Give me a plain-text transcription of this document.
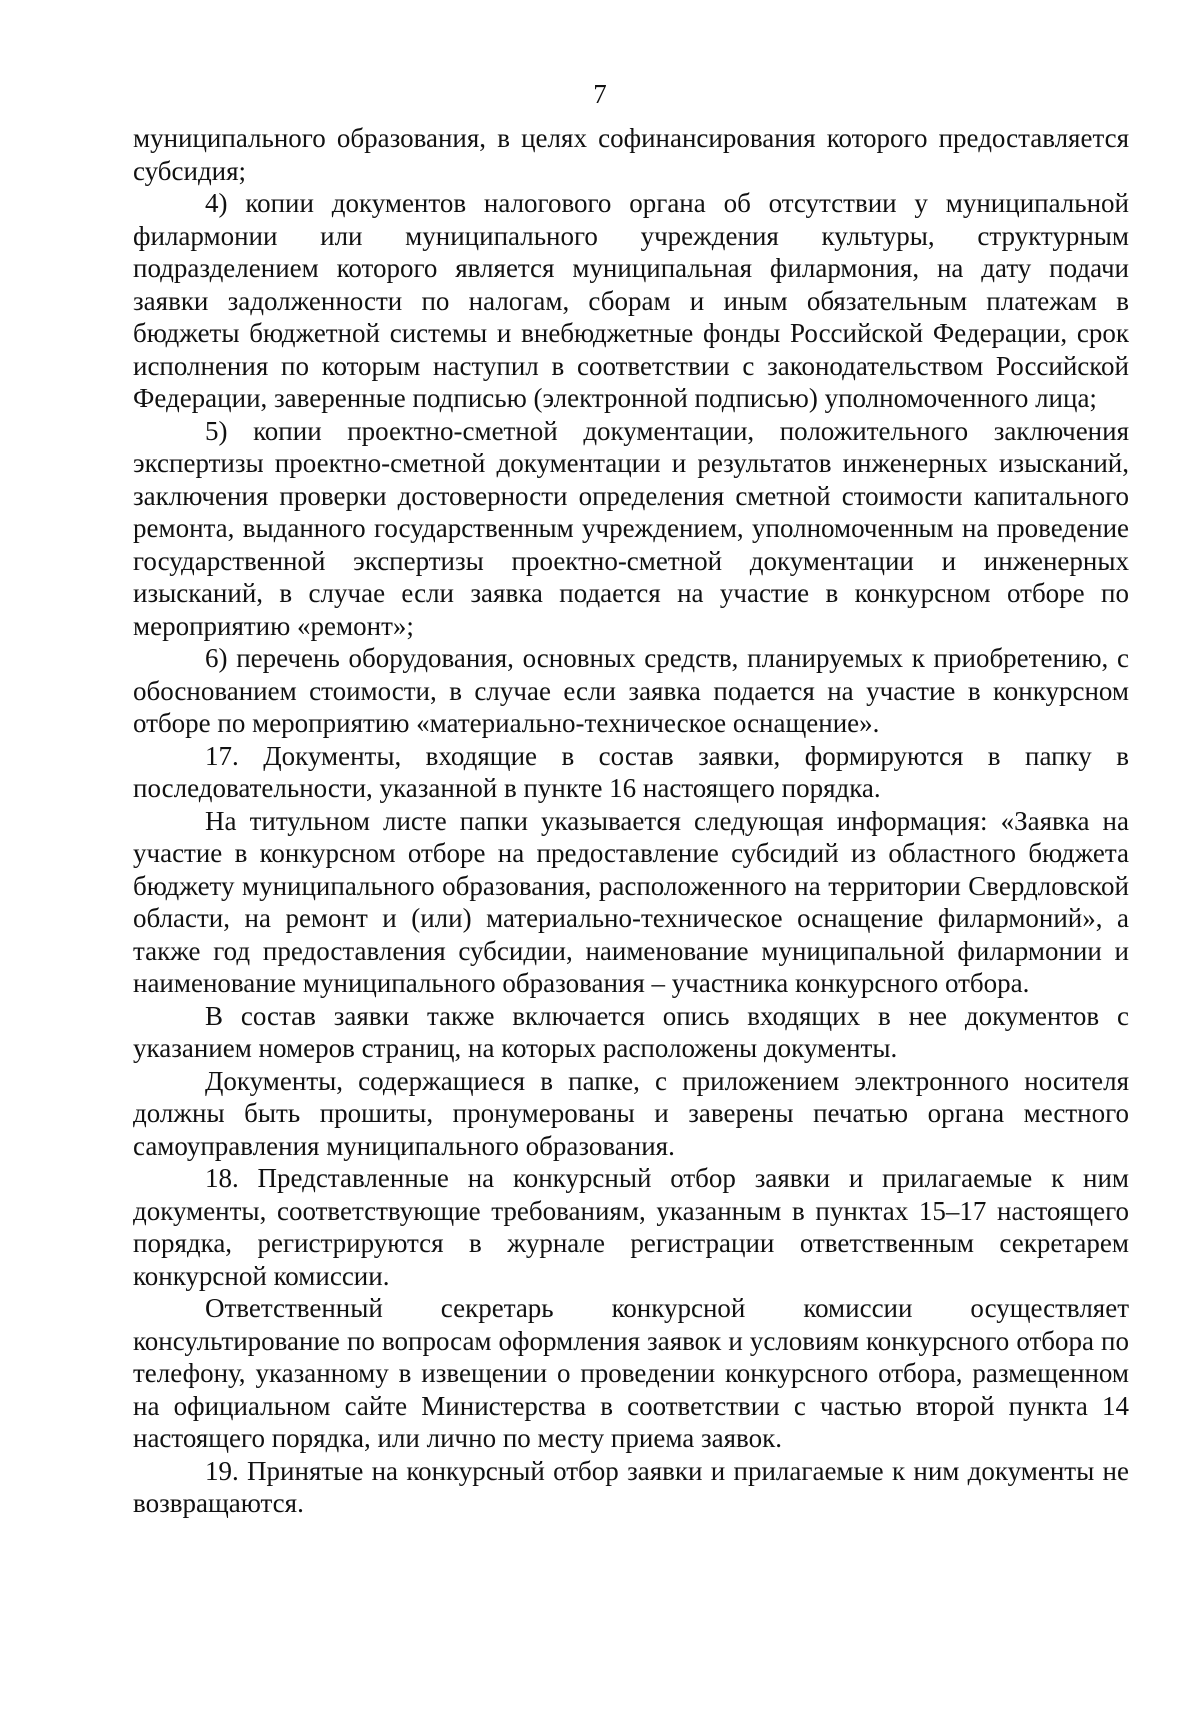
7

муниципального образования, в целях софинансирования которого предоставляется субсидия;

4) копии документов налогового органа об отсутствии у муниципальной филармонии или муниципального учреждения культуры, структурным подразделением которого является муниципальная филармония, на дату подачи заявки задолженности по налогам, сборам и иным обязательным платежам в бюджеты бюджетной системы и внебюджетные фонды Российской Федерации, срок исполнения по которым наступил в соответствии с законодательством Российской Федерации, заверенные подписью (электронной подписью) уполномоченного лица;

5) копии проектно-сметной документации, положительного заключения экспертизы проектно-сметной документации и результатов инженерных изысканий, заключения проверки достоверности определения сметной стоимости капитального ремонта, выданного государственным учреждением, уполномоченным на проведение государственной экспертизы проектно-сметной документации и инженерных изысканий, в случае если заявка подается на участие в конкурсном отборе по мероприятию «ремонт»;

6) перечень оборудования, основных средств, планируемых к приобретению, с обоснованием стоимости, в случае если заявка подается на участие в конкурсном отборе по мероприятию «материально-техническое оснащение».

17. Документы, входящие в состав заявки, формируются в папку в последовательности, указанной в пункте 16 настоящего порядка.

На титульном листе папки указывается следующая информация: «Заявка на участие в конкурсном отборе на предоставление субсидий из областного бюджета бюджету муниципального образования, расположенного на территории Свердловской области, на ремонт и (или) материально-техническое оснащение филармоний», а также год предоставления субсидии, наименование муниципальной филармонии и наименование муниципального образования – участника конкурсного отбора.

В состав заявки также включается опись входящих в нее документов с указанием номеров страниц, на которых расположены документы.

Документы, содержащиеся в папке, с приложением электронного носителя должны быть прошиты, пронумерованы и заверены печатью органа местного самоуправления муниципального образования.

18. Представленные на конкурсный отбор заявки и прилагаемые к ним документы, соответствующие требованиям, указанным в пунктах 15–17 настоящего порядка, регистрируются в журнале регистрации ответственным секретарем конкурсной комиссии.

Ответственный секретарь конкурсной комиссии осуществляет консультирование по вопросам оформления заявок и условиям конкурсного отбора по телефону, указанному в извещении о проведении конкурсного отбора, размещенном на официальном сайте Министерства в соответствии с частью второй пункта 14 настоящего порядка, или лично по месту приема заявок.

19. Принятые на конкурсный отбор заявки и прилагаемые к ним документы не возвращаются.
